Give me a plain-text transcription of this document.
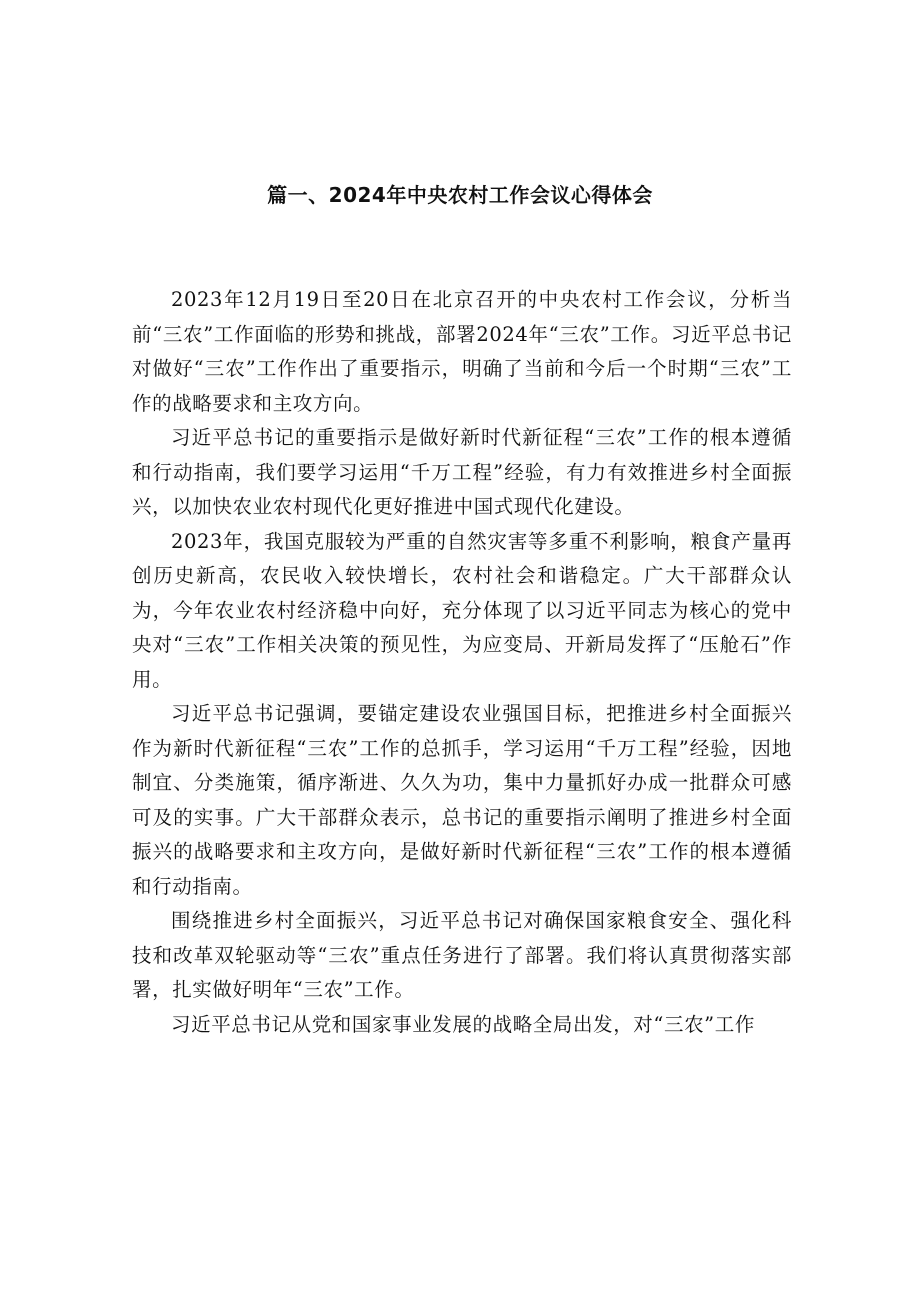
篇一、2024年中央农村工作会议心得体会

2023年12月19日至20日在北京召开的中央农村工作会议，分析当前“三农”工作面临的形势和挑战，部署2024年“三农”工作。习近平总书记对做好“三农”工作作出了重要指示，明确了当前和今后一个时期“三农”工作的战略要求和主攻方向。

习近平总书记的重要指示是做好新时代新征程“三农”工作的根本遵循和行动指南，我们要学习运用“千万工程”经验，有力有效推进乡村全面振兴，以加快农业农村现代化更好推进中国式现代化建设。

2023年，我国克服较为严重的自然灾害等多重不利影响，粮食产量再创历史新高，农民收入较快增长，农村社会和谐稳定。广大干部群众认为，今年农业农村经济稳中向好，充分体现了以习近平同志为核心的党中央对“三农”工作相关决策的预见性，为应变局、开新局发挥了“压舱石”作用。

习近平总书记强调，要锚定建设农业强国目标，把推进乡村全面振兴作为新时代新征程“三农”工作的总抓手，学习运用“千万工程”经验，因地制宜、分类施策，循序渐进、久久为功，集中力量抓好办成一批群众可感可及的实事。广大干部群众表示，总书记的重要指示阐明了推进乡村全面振兴的战略要求和主攻方向，是做好新时代新征程“三农”工作的根本遵循和行动指南。

围绕推进乡村全面振兴，习近平总书记对确保国家粮食安全、强化科技和改革双轮驱动等“三农”重点任务进行了部署。我们将认真贯彻落实部署，扎实做好明年“三农”工作。

习近平总书记从党和国家事业发展的战略全局出发，对“三农”工作
